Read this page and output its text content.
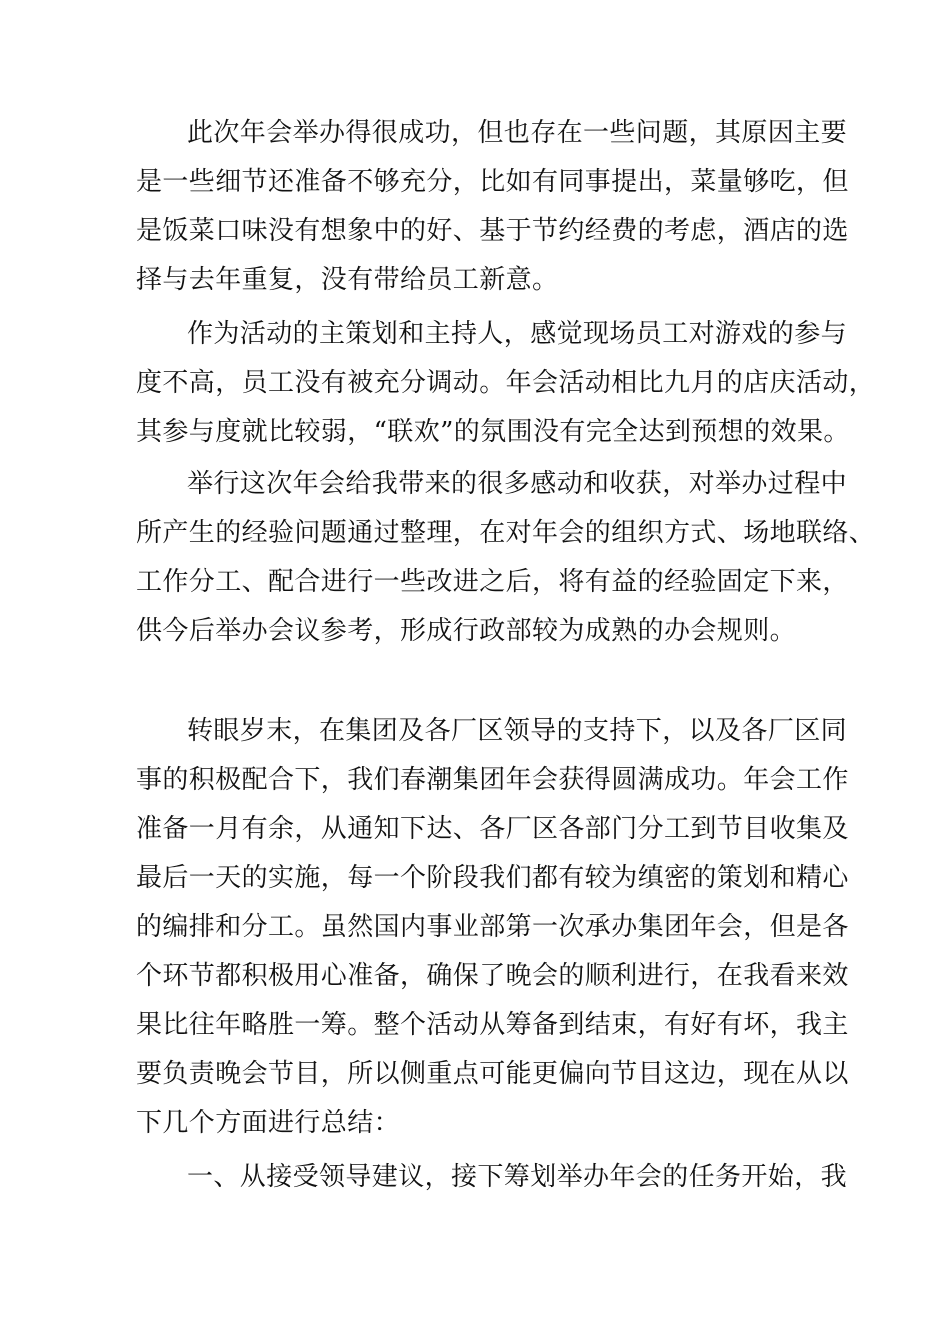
此次年会举办得很成功，但也存在一些问题，其原因主要
是一些细节还准备不够充分，比如有同事提出，菜量够吃，但
是饭菜口味没有想象中的好、基于节约经费的考虑，酒店的选
择与去年重复，没有带给员工新意。
作为活动的主策划和主持人，感觉现场员工对游戏的参与
度不高，员工没有被充分调动。年会活动相比九月的店庆活动，
其参与度就比较弱，“联欢”的氛围没有完全达到预想的效果。
举行这次年会给我带来的很多感动和收获，对举办过程中
所产生的经验问题通过整理，在对年会的组织方式、场地联络、
工作分工、配合进行一些改进之后，将有益的经验固定下来，
供今后举办会议参考，形成行政部较为成熟的办会规则。
转眼岁末，在集团及各厂区领导的支持下，以及各厂区同
事的积极配合下，我们春潮集团年会获得圆满成功。年会工作
准备一月有余，从通知下达、各厂区各部门分工到节目收集及
最后一天的实施，每一个阶段我们都有较为缜密的策划和精心
的编排和分工。虽然国内事业部第一次承办集团年会，但是各
个环节都积极用心准备，确保了晚会的顺利进行，在我看来效
果比往年略胜一筹。整个活动从筹备到结束，有好有坏，我主
要负责晚会节目，所以侧重点可能更偏向节目这边，现在从以
下几个方面进行总结：
一、从接受领导建议，接下筹划举办年会的任务开始，我
